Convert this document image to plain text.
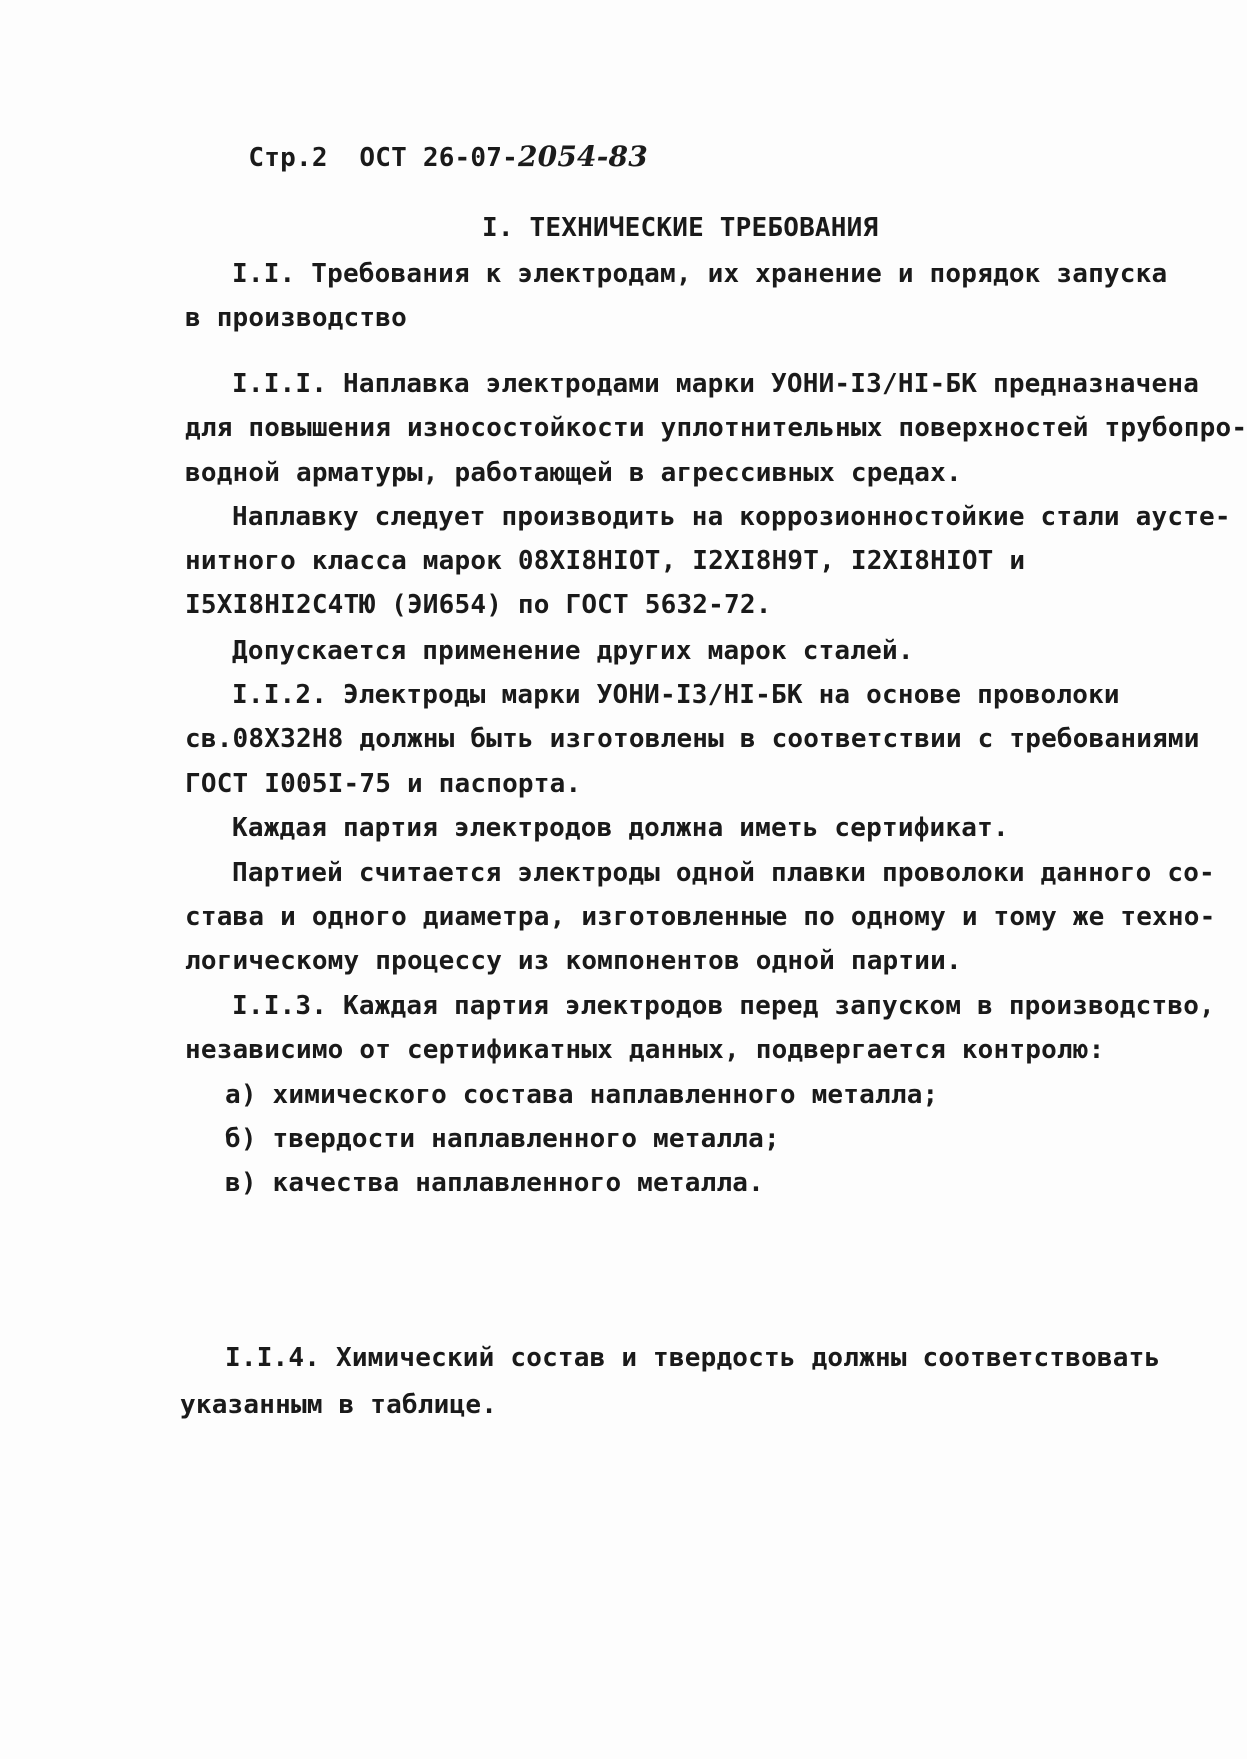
Стр.2 ОСТ 26-07-2054-83

I. ТЕХНИЧЕСКИЕ ТРЕБОВАНИЯ
I.I. Требования к электродам, их хранение и порядок запуска
в производство
I.I.I. Наплавка электродами марки УОНИ-I3/HI-БК предназначена
для повышения износостойкости уплотнительных поверхностей трубопро-
водной арматуры, работающей в агрессивных средах.
Наплавку следует производить на коррозионностойкие стали аусте-
нитного класса марок 08XI8HIOT, I2XI8H9T, I2XI8HIOT и
I5XI8HI2C4TЮ (ЭИ654) по ГОСТ 5632-72.
Допускается применение других марок сталей.
I.I.2. Электроды марки УОНИ-I3/HI-БК на основе проволоки
св.08X32H8 должны быть изготовлены в соответствии с требованиями
ГОСТ I005I-75 и паспорта.
Каждая партия электродов должна иметь сертификат.
Партией считается электроды одной плавки проволоки данного со-
става и одного диаметра, изготовленные по одному и тому же техно-
логическому процессу из компонентов одной партии.
I.I.3. Каждая партия электродов перед запуском в производство,
независимо от сертификатных данных, подвергается контролю:
а) химического состава наплавленного металла;
б) твердости наплавленного металла;
в) качества наплавленного металла.
I.I.4. Химический состав и твердость должны соответствовать
указанным в таблице.
